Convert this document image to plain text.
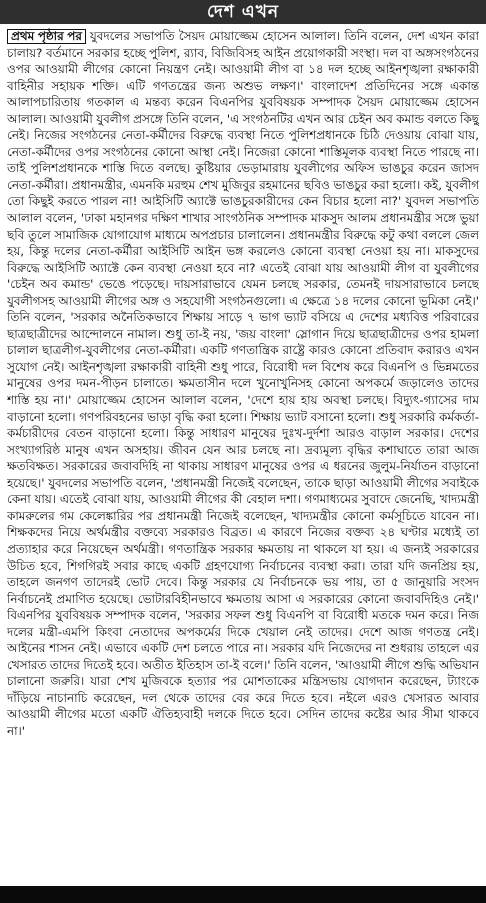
দেশ এখন

প্রথম পৃষ্ঠার পর যুবদলের সভাপতি সৈয়দ মোয়াজ্জেম হোসেন আলাল। তিনি বলেন, দেশ এখন কারা চালায়? বর্তমানে সরকার হচ্ছে পুলিশ, র‍্যাব, বিজিবিসহ আইন প্রয়োগকারী সংস্থা। দল বা অঙ্গসংগঠনের ওপর আওয়ামী লীগের কোনো নিয়ন্ত্রণ নেই। আওয়ামী লীগ বা ১৪ দল হচ্ছে আইনশৃঙ্খলা রক্ষাকারী বাহিনীর সহায়ক শক্তি। এটি গণতন্ত্রের জন্য অশুভ লক্ষণ।' বাংলাদেশ প্রতিদিনের সঙ্গে একান্ত আলাপচারিতায় গতকাল এ মন্তব্য করেন বিএনপির যুববিষয়ক সম্পাদক সৈয়দ মোয়াজ্জেম হোসেন আলাল। আওয়ামী যুবলীগ প্রসঙ্গে তিনি বলেন, 'এ সংগঠনটির এখন আর চেইন অব কমান্ড বলতে কিছু নেই। নিজের সংগঠনের নেতা-কর্মীদের বিরুদ্ধে ব্যবস্থা নিতে পুলিশপ্রধানকে চিঠি দেওয়ায় বোঝা যায়, নেতা-কর্মীদের ওপর সংগঠনের কোনো আস্থা নেই। নিজেরা কোনো শাস্তিমূলক ব্যবস্থা নিতে পারছে না। তাই পুলিশপ্রধানকে শাস্তি দিতে বলছে। কুষ্টিয়ার ভেড়ামারায় যুবলীগের অফিস ভাঙচুর করেন জাসদ নেতা-কর্মীরা। প্রধানমন্ত্রীর, এমনকি মরহুম শেখ মুজিবুর রহমানের ছবিও ভাঙচুর করা হলো। কই, যুবলীগ তো কিছুই করতে পারল না! আইসিটি অ্যাক্টে ভাঙচুরকারীদের কেন বিচার হলো না?' যুবদল সভাপতি আলাল বলেন, 'ঢাকা মহানগর দক্ষিণ শাখার সাংগঠনিক সম্পাদক মাকসুদ আলম প্রধানমন্ত্রীর সঙ্গে ভুয়া ছবি তুলে সামাজিক যোগাযোগ মাধ্যমে অপপ্রচার চালালেন। প্রধানমন্ত্রীর বিরুদ্ধে কটু কথা বললে জেল হয়, কিন্তু দলের নেতা-কর্মীরা আইসিটি আইন ভঙ্গ করলেও কোনো ব্যবস্থা নেওয়া হয় না। মাকসুদের বিরুদ্ধে আইসিটি অ্যাক্টে কেন ব্যবস্থা নেওয়া হবে না? এতেই বোঝা যায় আওয়ামী লীগ বা যুবলীগের 'চেইন অব কমান্ড' ভেঙে পড়েছে। দায়সারাভাবে যেমন চলছে সরকার, তেমনই দায়সারাভাবে চলছে যুবলীগসহ আওয়ামী লীগের অঙ্গ ও সহযোগী সংগঠনগুলো। এ ক্ষেত্রে ১৪ দলের কোনো ভূমিকা নেই।' তিনি বলেন, 'সরকার অনৈতিকভাবে শিক্ষায় সাড়ে ৭ ভাগ ভ্যাট বসিয়ে এ দেশের মধ্যবিত্ত পরিবারের ছাত্রছাত্রীদের আন্দোলনে নামাল। শুধু তা-ই নয়, 'জয় বাংলা' স্লোগান দিয়ে ছাত্রছাত্রীদের ওপর হামলা চালাল ছাত্রলীগ-যুবলীগের নেতা-কর্মীরা। একটি গণতান্ত্রিক রাষ্ট্রে কারও কোনো প্রতিবাদ করারও এখন সুযোগ নেই। আইনশৃঙ্খলা রক্ষাকারী বাহিনী শুধু পারে, বিরোধী দল বিশেষ করে বিএনপি ও ভিন্নমতের মানুষের ওপর দমন-পীড়ন চালাতে। ক্ষমতাসীন দলে খুনোখুনিসহ কোনো অপকর্মে জড়ালেও তাদের শাস্তি হয় না।' মোয়াজ্জেম হোসেন আলাল বলেন, 'দেশে হায় হায় অবস্থা চলছে। বিদ্যুৎ-গ্যাসের দাম বাড়ানো হলো। গণপরিবহনের ভাড়া বৃদ্ধি করা হলো। শিক্ষায় ভ্যাট বসানো হলো। শুধু সরকারি কর্মকর্তা-কর্মচারীদের বেতন বাড়ানো হলো। কিন্তু সাধারণ মানুষের দুঃখ-দুর্দশা আরও বাড়াল সরকার। দেশের সংখ্যাগরিষ্ঠ মানুষ এখন অসহায়। জীবন যেন আর চলছে না। দ্রব্যমূল্য বৃদ্ধির কশাঘাতে তারা আজ ক্ষতবিক্ষত। সরকারের জবাবদিহি না থাকায় সাধারণ মানুষের ওপর এ ধরনের জুলুম-নির্যাতন বাড়ানো হয়েছে।' যুবদলের সভাপতি বলেন, 'প্রধানমন্ত্রী নিজেই বলেছেন, তাকে ছাড়া আওয়ামী লীগের সবাইকে কেনা যায়। এতেই বোঝা যায়, আওয়ামী লীগের কী বেহাল দশা। গণমাধ্যমের সুবাদে জেনেছি, খাদ্যমন্ত্রী কামরুলের গম কেলেঙ্কারির পর প্রধানমন্ত্রী নিজেই বলেছেন, খাদ্যমন্ত্রীর কোনো কর্মসূচিতে যাবেন না। শিক্ষকদের নিয়ে অর্থমন্ত্রীর বক্তব্যে সরকারও বিব্রত। এ কারণে নিজের বক্তব্য ২৪ ঘণ্টার মধ্যেই তা প্রত্যাহার করে নিয়েছেন অর্থমন্ত্রী। গণতান্ত্রিক সরকার ক্ষমতায় না থাকলে যা হয়। এ জন্যই সরকারের উচিত হবে, শিগগিরই সবার কাছে একটি গ্রহণযোগ্য নির্বাচনের ব্যবস্থা করা। তারা যদি জনপ্রিয় হয়, তাহলে জনগণ তাদেরই ভোট দেবে। কিন্তু সরকার যে নির্বাচনকে ভয় পায়, তা ৫ জানুয়ারি সংসদ নির্বাচনেই প্রমাণিত হয়েছে। ভোটারবিহীনভাবে ক্ষমতায় আসা এ সরকারের কোনো জবাবদিহিও নেই।' বিএনপির যুববিষয়ক সম্পাদক বলেন, 'সরকার সফল শুধু বিএনপি বা বিরোধী মতকে দমন করে। নিজ দলের মন্ত্রী-এমপি কিংবা নেতাদের অপকর্মের দিকে খেয়াল নেই তাদের। দেশে আজ গণতন্ত্র নেই। আইনের শাসন নেই। এভাবে একটি দেশ চলতে পারে না। সরকার যদি নিজেদের না শুধরায় তাহলে এর খেসারত তাদের দিতেই হবে। অতীত ইতিহাস তা-ই বলে।' তিনি বলেন, 'আওয়ামী লীগে শুদ্ধি অভিযান চালানো জরুরি। যারা শেখ মুজিবকে হত্যার পর মোশতাকের মন্ত্রিসভায় যোগদান করেছেন, ট্যাংকে দাঁড়িয়ে নাচানাচি করেছেন, দল থেকে তাদের বের করে দিতে হবে। নইলে এরও খেসারত আবার আওয়ামী লীগের মতো একটি ঐতিহ্যবাহী দলকে দিতে হবে। সেদিন তাদের কষ্টের আর সীমা থাকবে না।'
